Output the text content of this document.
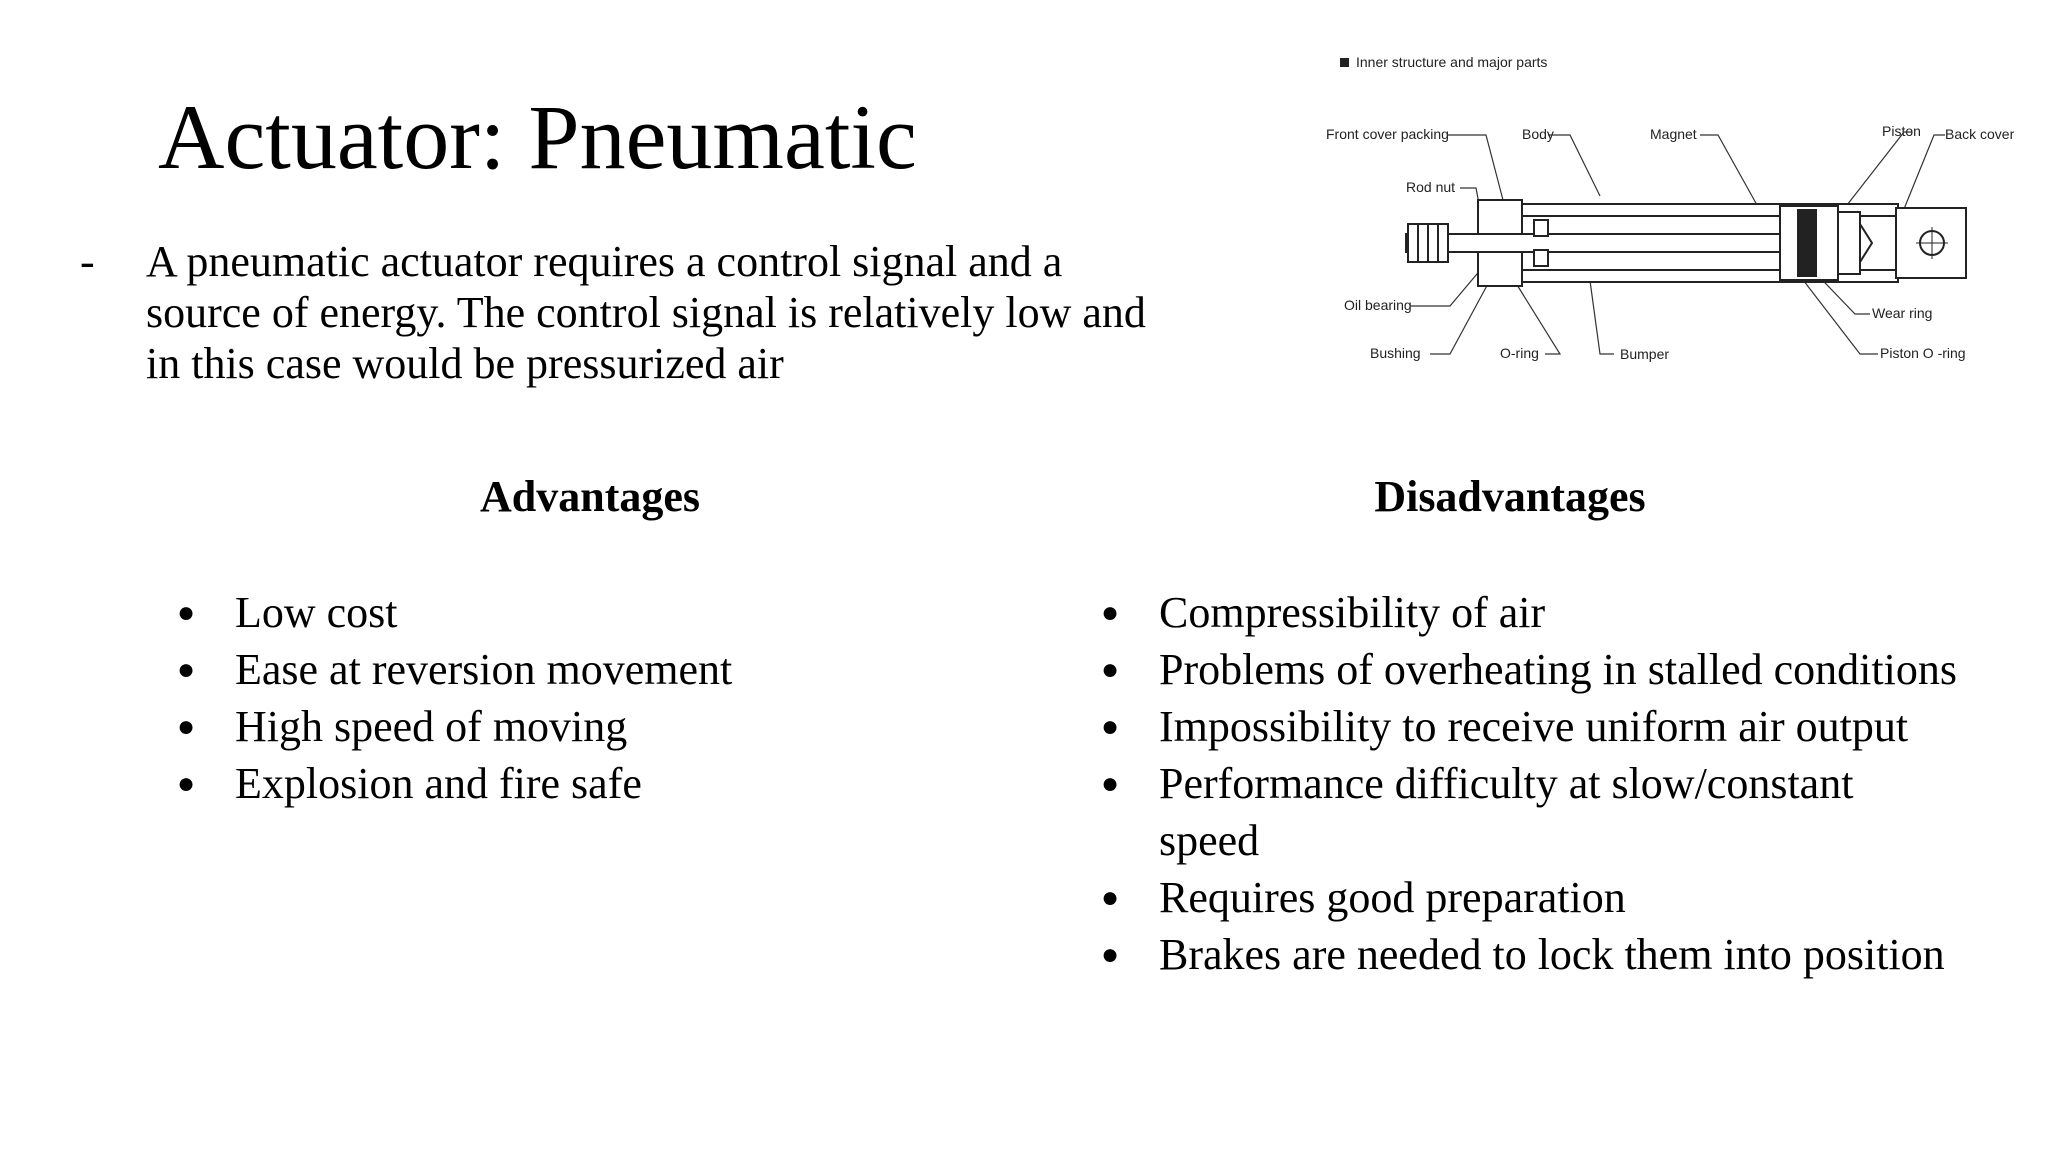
Actuator: Pneumatic
- A pneumatic actuator requires a control signal and a source of energy. The control signal is relatively low and in this case would be pressurized air
Inner structure and major parts
Front cover packing	Body	Magnet	Piston Back cover
Rod nut
Oil bearing	Wear ring
Bushing	O-ring	Bumper	Piston O -ring
Advantages	Disadvantages
● Low cost
● Ease at reversion movement
● High speed of moving
● Explosion and fire safe
● Compressibility of air
● Problems of overheating in stalled conditions
● Impossibility to receive uniform air output
● Performance difficulty at slow/constant speed
● Requires good preparation
● Brakes are needed to lock them into position
